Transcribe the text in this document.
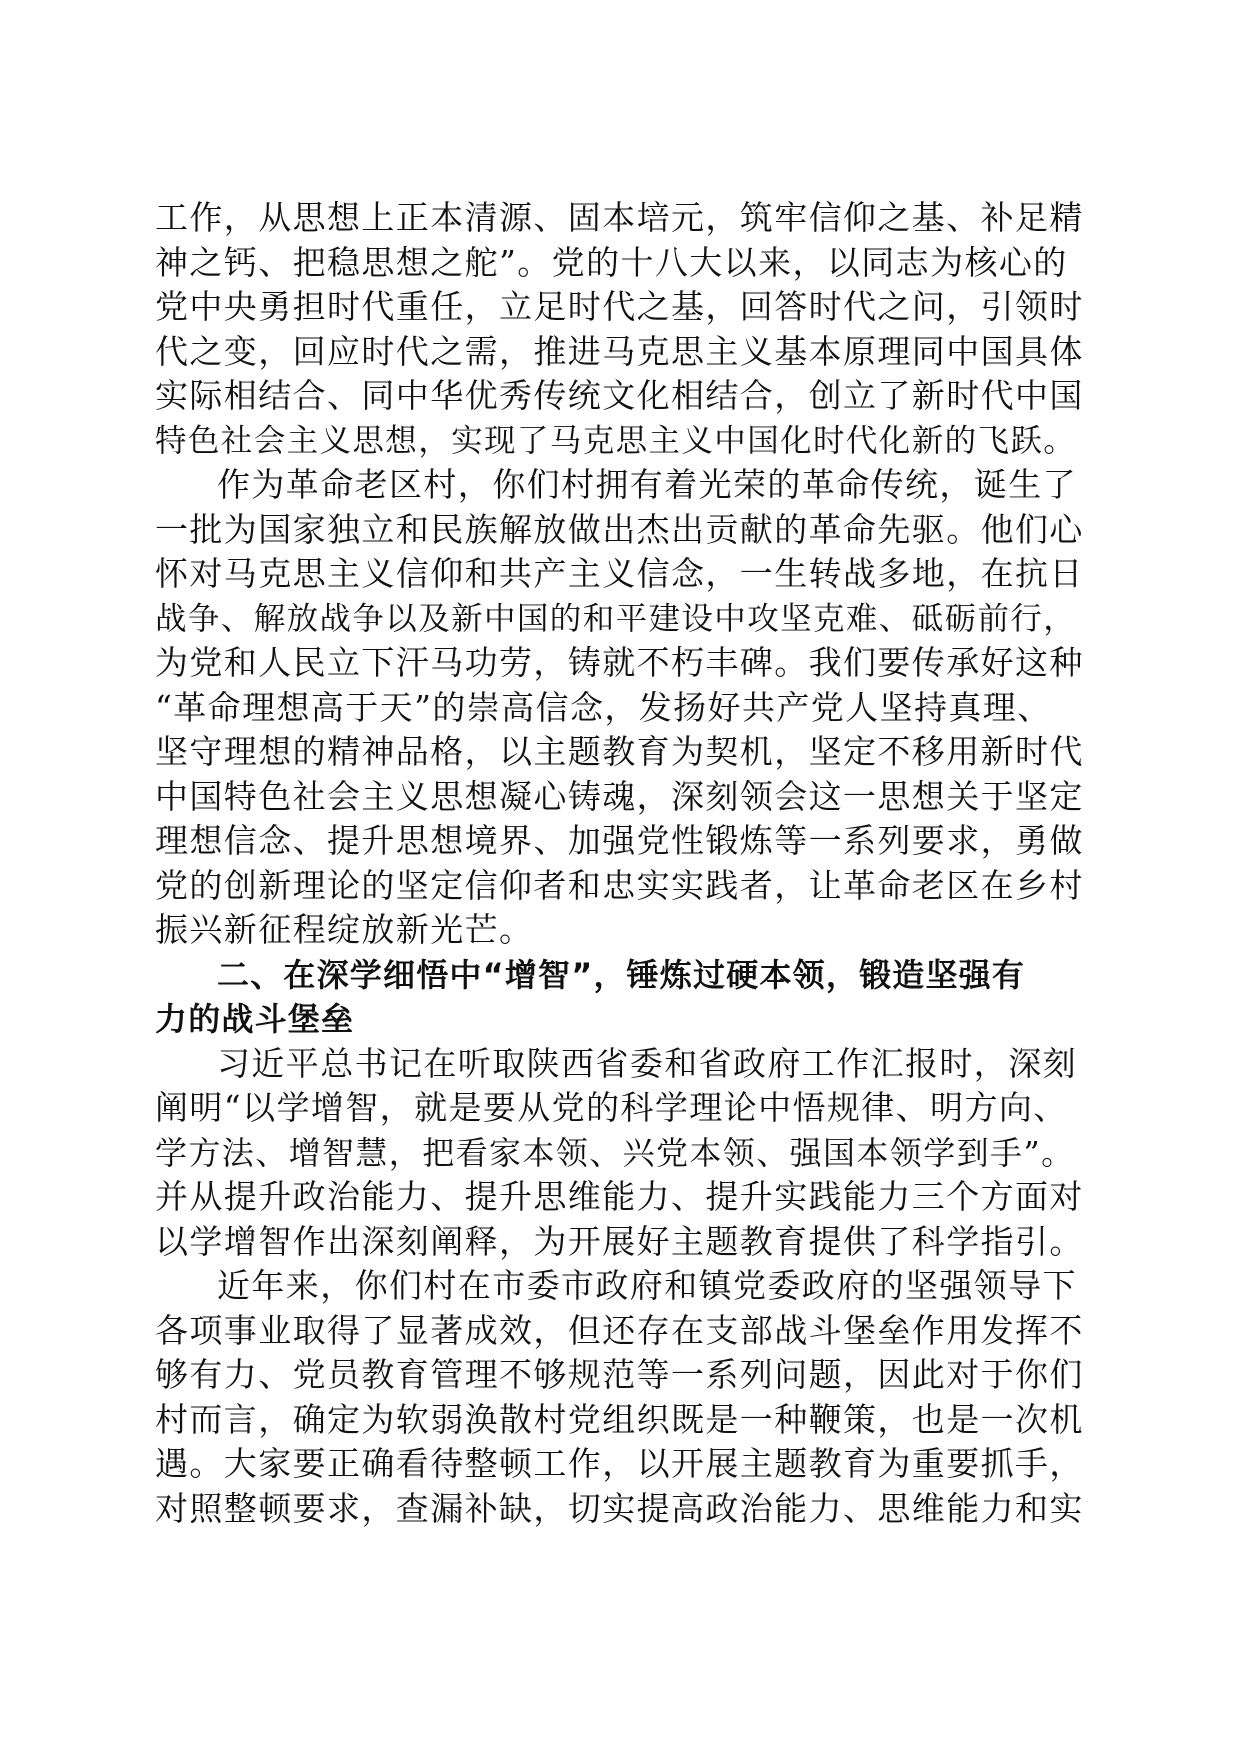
工作，从思想上正本清源、固本培元，筑牢信仰之基、补足精
神之钙、把稳思想之舵”。党的十八大以来，以同志为核心的
党中央勇担时代重任，立足时代之基，回答时代之问，引领时
代之变，回应时代之需，推进马克思主义基本原理同中国具体
实际相结合、同中华优秀传统文化相结合，创立了新时代中国
特色社会主义思想，实现了马克思主义中国化时代化新的飞跃。
作为革命老区村，你们村拥有着光荣的革命传统，诞生了
一批为国家独立和民族解放做出杰出贡献的革命先驱。他们心
怀对马克思主义信仰和共产主义信念，一生转战多地，在抗日
战争、解放战争以及新中国的和平建设中攻坚克难、砥砺前行，
为党和人民立下汗马功劳，铸就不朽丰碑。我们要传承好这种
“革命理想高于天”的崇高信念，发扬好共产党人坚持真理、
坚守理想的精神品格，以主题教育为契机，坚定不移用新时代
中国特色社会主义思想凝心铸魂，深刻领会这一思想关于坚定
理想信念、提升思想境界、加强党性锻炼等一系列要求，勇做
党的创新理论的坚定信仰者和忠实实践者，让革命老区在乡村
振兴新征程绽放新光芒。
二、在深学细悟中“增智”，锤炼过硬本领，锻造坚强有
力的战斗堡垒
习近平总书记在听取陕西省委和省政府工作汇报时，深刻
阐明“以学增智，就是要从党的科学理论中悟规律、明方向、
学方法、增智慧，把看家本领、兴党本领、强国本领学到手”。
并从提升政治能力、提升思维能力、提升实践能力三个方面对
以学增智作出深刻阐释，为开展好主题教育提供了科学指引。
近年来，你们村在市委市政府和镇党委政府的坚强领导下
各项事业取得了显著成效，但还存在支部战斗堡垒作用发挥不
够有力、党员教育管理不够规范等一系列问题，因此对于你们
村而言，确定为软弱涣散村党组织既是一种鞭策，也是一次机
遇。大家要正确看待整顿工作，以开展主题教育为重要抓手，
对照整顿要求，查漏补缺，切实提高政治能力、思维能力和实
